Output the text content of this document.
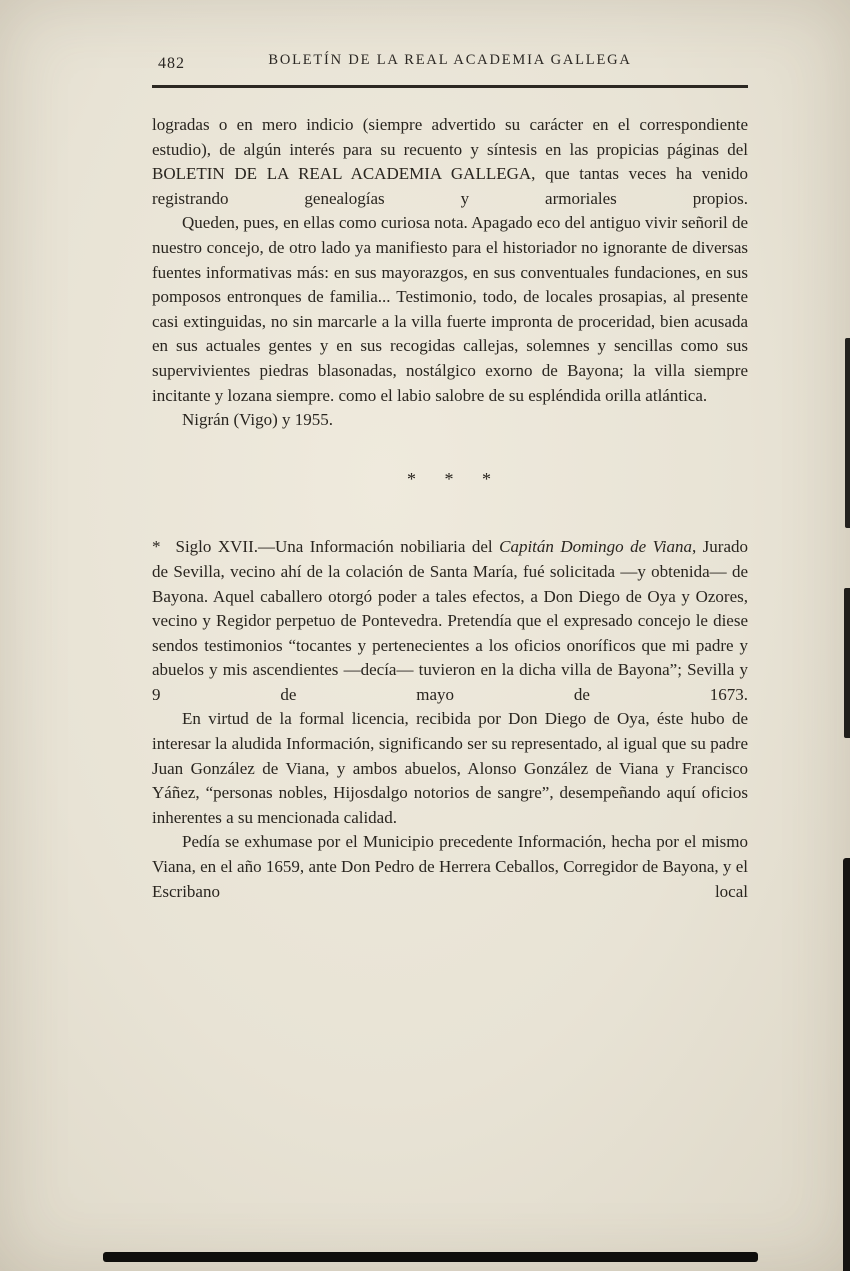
482	BOLETÍN DE LA REAL ACADEMIA GALLEGA

logradas o en mero indicio (siempre advertido su carácter en el correspondiente estudio), de algún interés para su recuento y síntesis en las propicias páginas del BOLETIN DE LA REAL ACADEMIA GALLEGA, que tantas veces ha venido registrando genealogías y armoriales propios.

Queden, pues, en ellas como curiosa nota. Apagado eco del antiguo vivir señoril de nuestro concejo, de otro lado ya manifiesto para el historiador no ignorante de diversas fuentes informativas más: en sus mayorazgos, en sus conventuales fundaciones, en sus pomposos entronques de familia... Testimonio, todo, de locales prosapias, al presente casi extinguidas, no sin marcarle a la villa fuerte impronta de proceridad, bien acusada en sus actuales gentes y en sus recogidas callejas, solemnes y sencillas como sus supervivientes piedras blasonadas, nostálgico exorno de Bayona; la villa siempre incitante y lozana siempre. como el labio salobre de su espléndida orilla atlántica.

Nigrán (Vigo) y 1955.

* * *

* Siglo XVII.—Una Información nobiliaria del Capitán Domingo de Viana, Jurado de Sevilla, vecino ahí de la colación de Santa María, fué solicitada —y obtenida— de Bayona. Aquel caballero otorgó poder a tales efectos, a Don Diego de Oya y Ozores, vecino y Regidor perpetuo de Pontevedra. Pretendía que el expresado concejo le diese sendos testimonios “tocantes y pertenecientes a los oficios onoríficos que mi padre y abuelos y mis ascendientes —decía— tuvieron en la dicha villa de Bayona”; Sevilla y 9 de mayo de 1673.

En virtud de la formal licencia, recibida por Don Diego de Oya, éste hubo de interesar la aludida Información, significando ser su representado, al igual que su padre Juan González de Viana, y ambos abuelos, Alonso González de Viana y Francisco Yáñez, “personas nobles, Hijosdalgo notorios de sangre”, desempeñando aquí oficios inherentes a su mencionada calidad.

Pedía se exhumase por el Municipio precedente Información, hecha por el mismo Viana, en el año 1659, ante Don Pedro de Herrera Ceballos, Corregidor de Bayona, y el Escribano local
